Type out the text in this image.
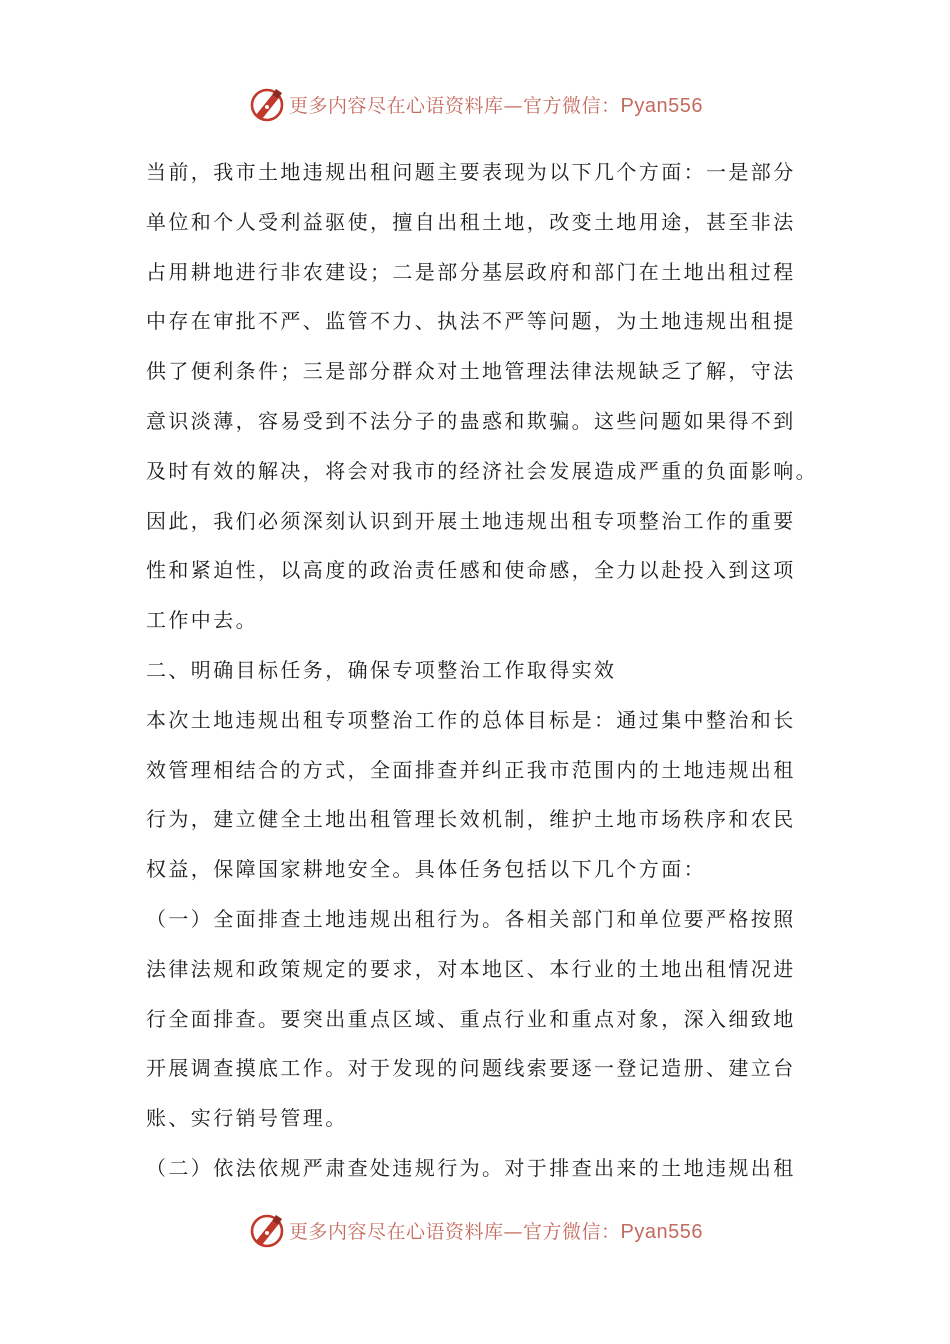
更多内容尽在心语资料库—官方微信：Pyan556
当前，我市土地违规出租问题主要表现为以下几个方面：一是部分
单位和个人受利益驱使，擅自出租土地，改变土地用途，甚至非法
占用耕地进行非农建设；二是部分基层政府和部门在土地出租过程
中存在审批不严、监管不力、执法不严等问题，为土地违规出租提
供了便利条件；三是部分群众对土地管理法律法规缺乏了解，守法
意识淡薄，容易受到不法分子的蛊惑和欺骗。这些问题如果得不到
及时有效的解决，将会对我市的经济社会发展造成严重的负面影响。
因此，我们必须深刻认识到开展土地违规出租专项整治工作的重要
性和紧迫性，以高度的政治责任感和使命感，全力以赴投入到这项
工作中去。
二、明确目标任务，确保专项整治工作取得实效
本次土地违规出租专项整治工作的总体目标是：通过集中整治和长
效管理相结合的方式，全面排查并纠正我市范围内的土地违规出租
行为，建立健全土地出租管理长效机制，维护土地市场秩序和农民
权益，保障国家耕地安全。具体任务包括以下几个方面：
（一）全面排查土地违规出租行为。各相关部门和单位要严格按照
法律法规和政策规定的要求，对本地区、本行业的土地出租情况进
行全面排查。要突出重点区域、重点行业和重点对象，深入细致地
开展调查摸底工作。对于发现的问题线索要逐一登记造册、建立台
账、实行销号管理。
（二）依法依规严肃查处违规行为。对于排查出来的土地违规出租
更多内容尽在心语资料库—官方微信：Pyan556
